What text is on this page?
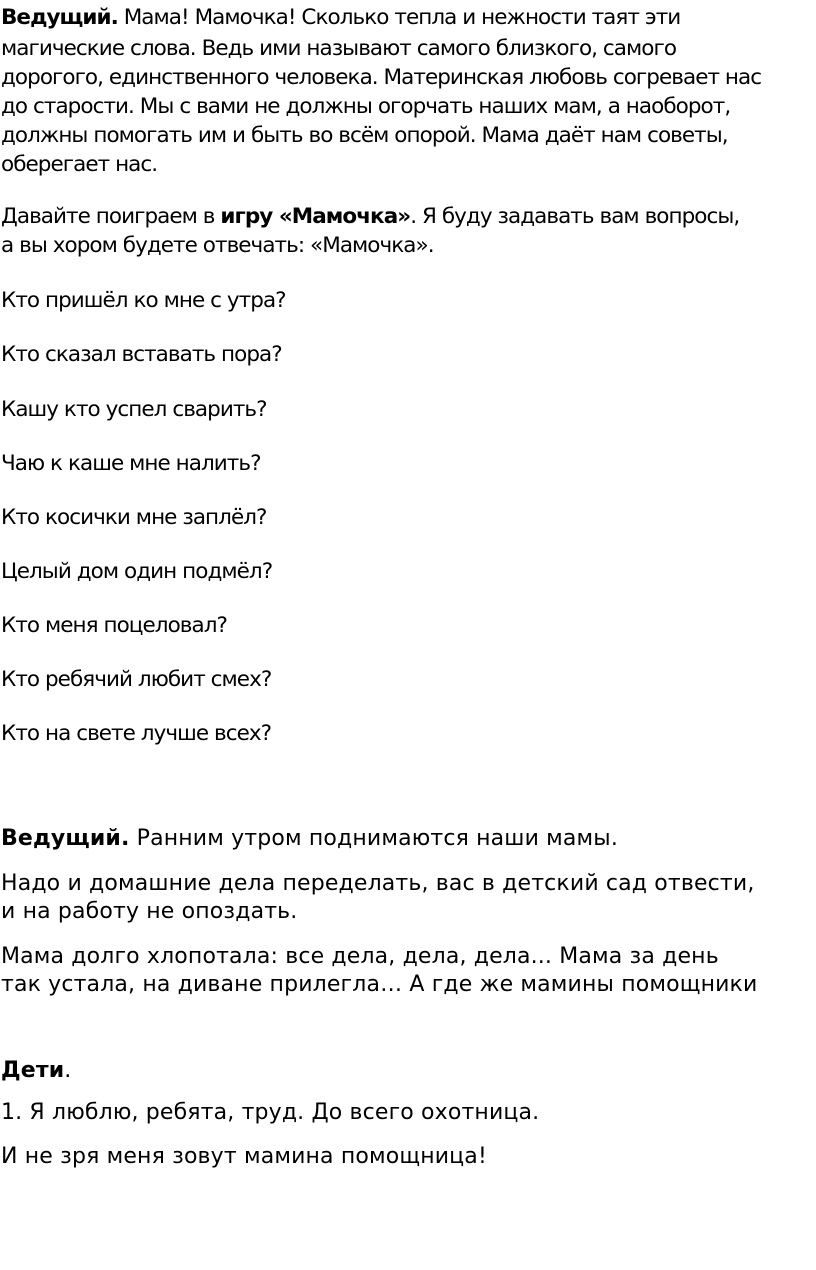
Ведущий. Мама! Мамочка! Сколько тепла и нежности таят эти
магические слова. Ведь ими называют самого близкого, самого
дорогого, единственного человека. Материнская любовь согревает нас
до старости. Мы с вами не должны огорчать наших мам, а наоборот,
должны помогать им и быть во всём опорой. Мама даёт нам советы,
оберегает нас.
Давайте поиграем в игру «Мамочка». Я буду задавать вам вопросы,
а вы хором будете отвечать: «Мамочка».
Кто пришёл ко мне с утра?
Кто сказал вставать пора?
Кашу кто успел сварить?
Чаю к каше мне налить?
Кто косички мне заплёл?
Целый дом один подмёл?
Кто меня поцеловал?
Кто ребячий любит смех?
Кто на свете лучше всех?
Ведущий. Ранним утром поднимаются наши мамы.
Надо и домашние дела переделать, вас в детский сад отвести,
и на работу не опоздать.
Мама долго хлопотала: все дела, дела, дела... Мама за день
так устала, на диване прилегла… А где же мамины помощники
Дети.
1. Я люблю, ребята, труд. До всего охотница.
И не зря меня зовут мамина помощница!
